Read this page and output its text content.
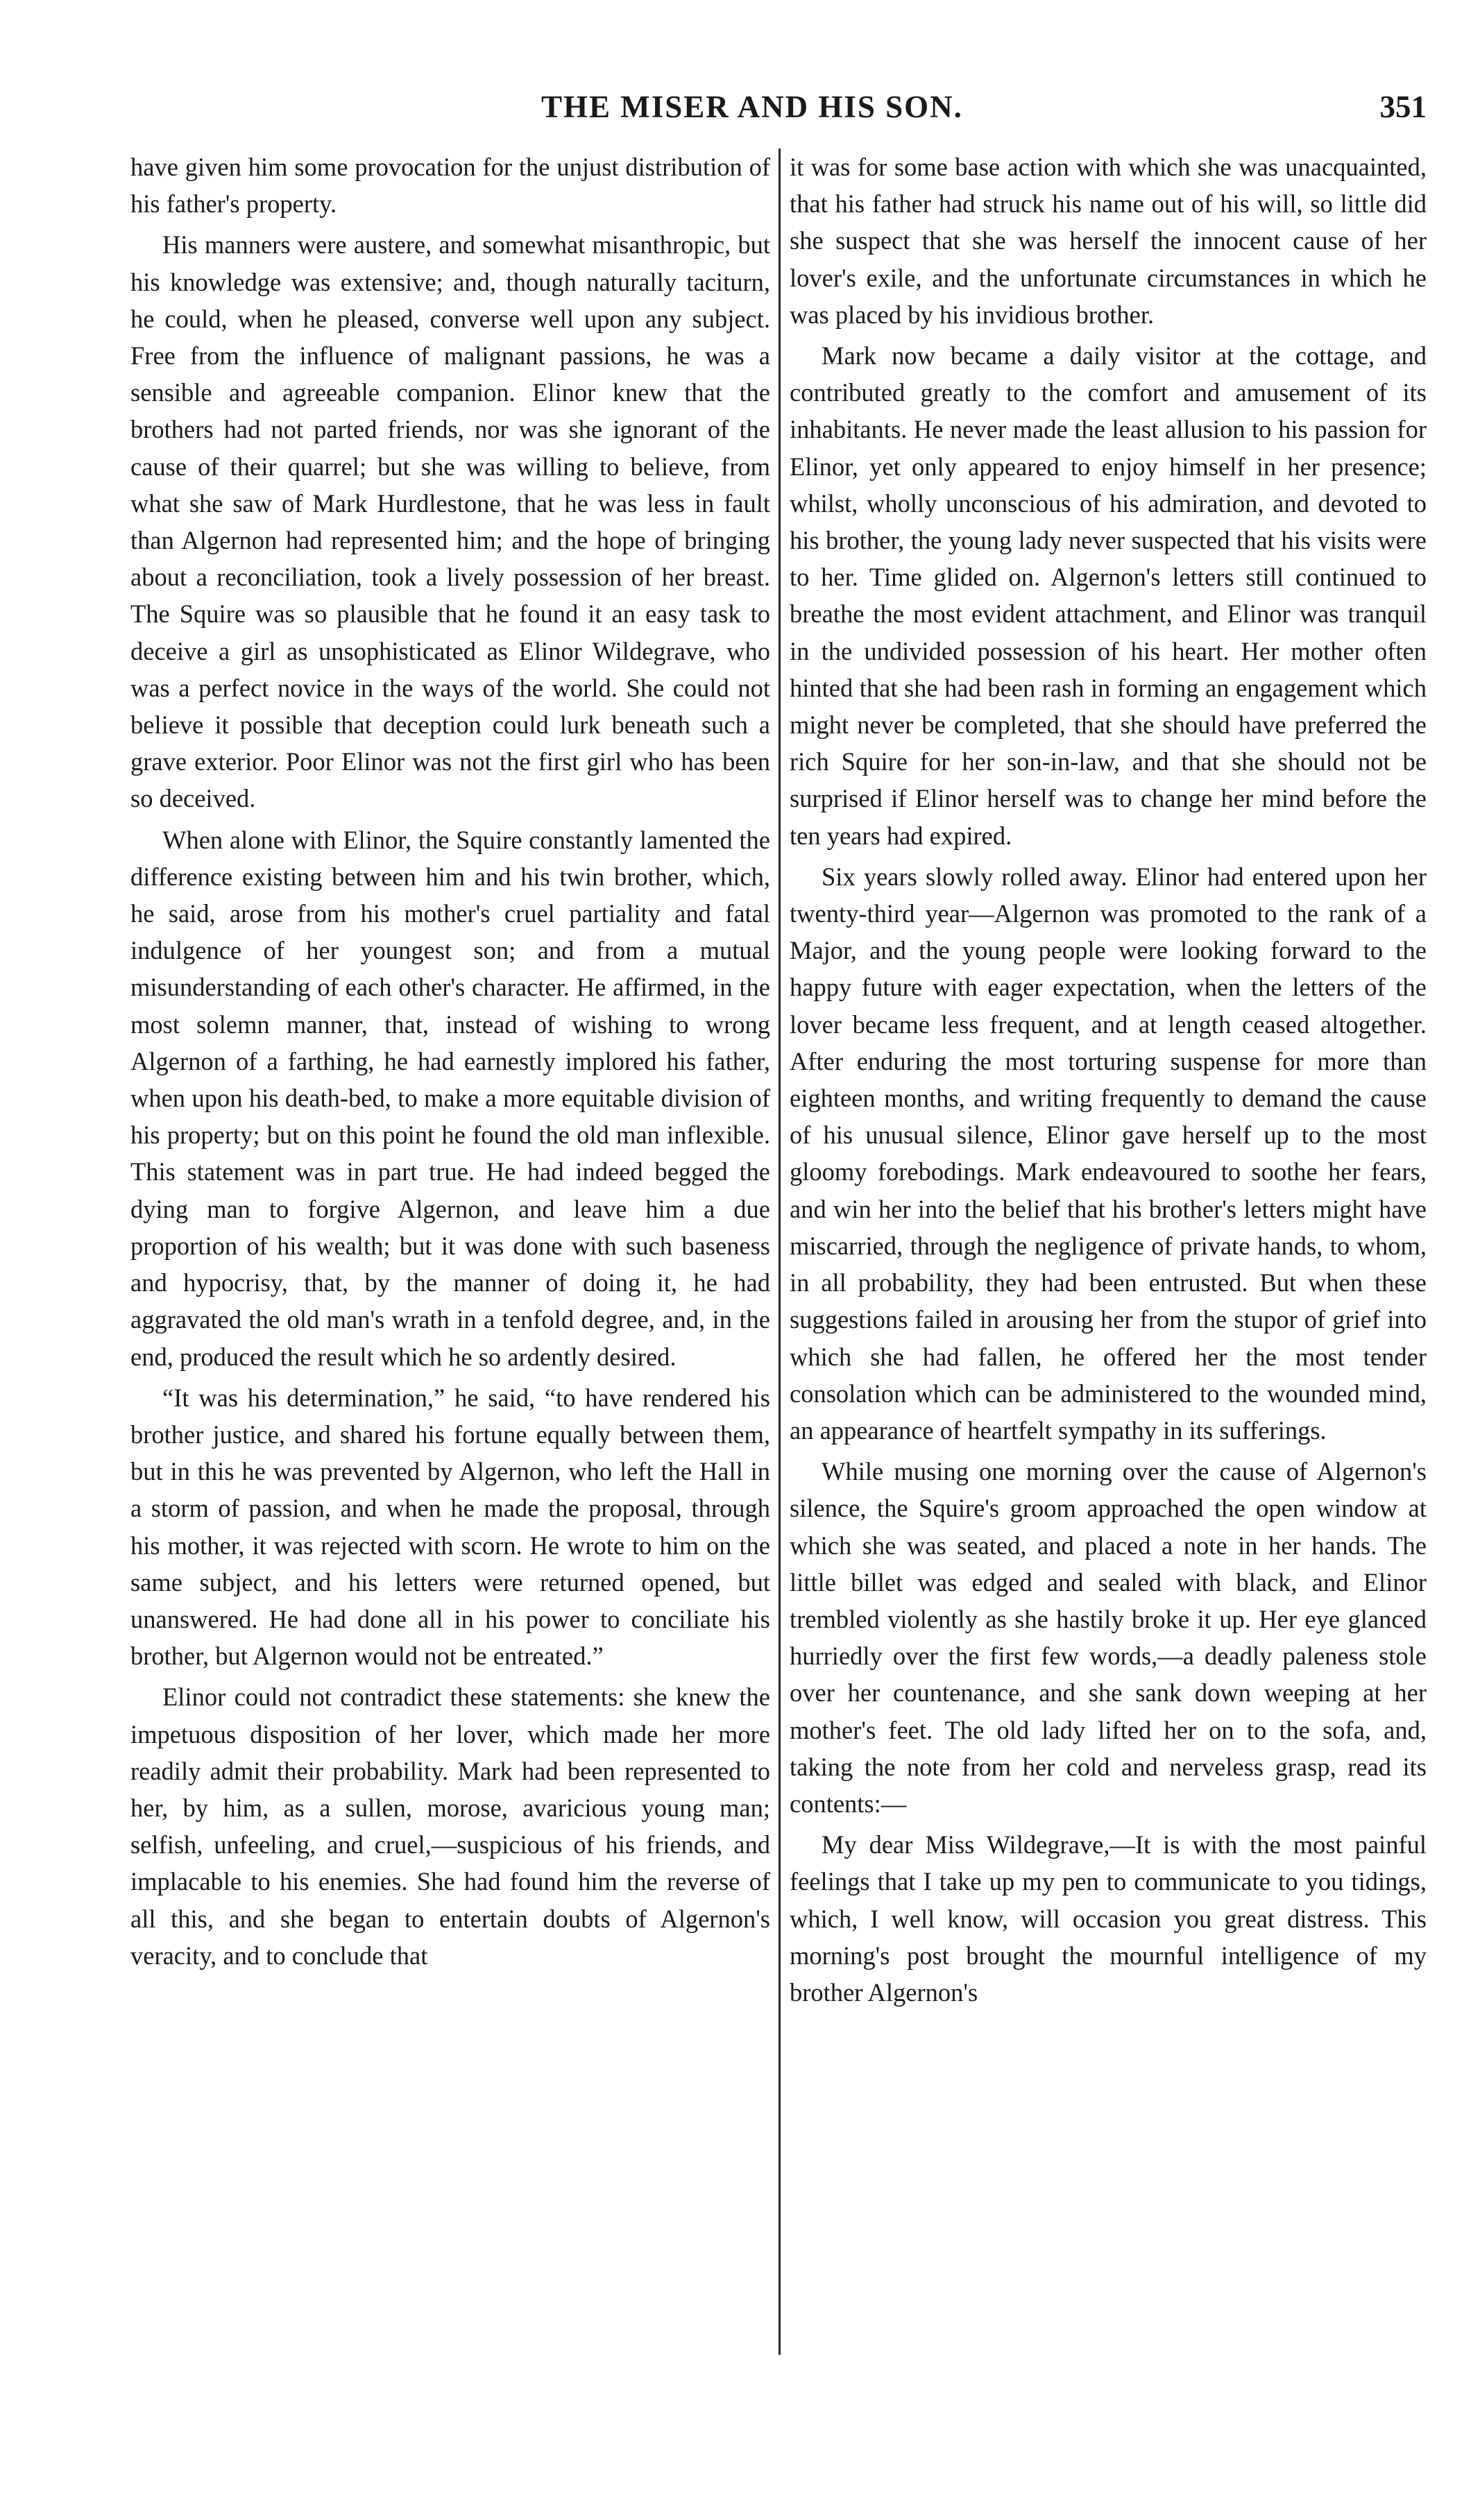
THE MISER AND HIS SON.	351

have given him some provocation for the unjust distribution of his father's property.

His manners were austere, and somewhat misanthropic, but his knowledge was extensive; and, though naturally taciturn, he could, when he pleased, converse well upon any subject. Free from the influence of malignant passions, he was a sensible and agreeable companion. Elinor knew that the brothers had not parted friends, nor was she ignorant of the cause of their quarrel; but she was willing to believe, from what she saw of Mark Hurdlestone, that he was less in fault than Algernon had represented him; and the hope of bringing about a reconciliation, took a lively possession of her breast. The Squire was so plausible that he found it an easy task to deceive a girl as unsophisticated as Elinor Wildegrave, who was a perfect novice in the ways of the world. She could not believe it possible that deception could lurk beneath such a grave exterior. Poor Elinor was not the first girl who has been so deceived.

When alone with Elinor, the Squire constantly lamented the difference existing between him and his twin brother, which, he said, arose from his mother's cruel partiality and fatal indulgence of her youngest son; and from a mutual misunderstanding of each other's character. He affirmed, in the most solemn manner, that, instead of wishing to wrong Algernon of a farthing, he had earnestly implored his father, when upon his death-bed, to make a more equitable division of his property; but on this point he found the old man inflexible. This statement was in part true. He had indeed begged the dying man to forgive Algernon, and leave him a due proportion of his wealth; but it was done with such baseness and hypocrisy, that, by the manner of doing it, he had aggravated the old man's wrath in a tenfold degree, and, in the end, produced the result which he so ardently desired.

“It was his determination,” he said, “to have rendered his brother justice, and shared his fortune equally between them, but in this he was prevented by Algernon, who left the Hall in a storm of passion, and when he made the proposal, through his mother, it was rejected with scorn. He wrote to him on the same subject, and his letters were returned opened, but unanswered. He had done all in his power to conciliate his brother, but Algernon would not be entreated.”

Elinor could not contradict these statements: she knew the impetuous disposition of her lover, which made her more readily admit their probability. Mark had been represented to her, by him, as a sullen, morose, avaricious young man; selfish, unfeeling, and cruel,—suspicious of his friends, and implacable to his enemies. She had found him the reverse of all this, and she began to entertain doubts of Algernon's veracity, and to conclude that

it was for some base action with which she was unacquainted, that his father had struck his name out of his will, so little did she suspect that she was herself the innocent cause of her lover's exile, and the unfortunate circumstances in which he was placed by his invidious brother.

Mark now became a daily visitor at the cottage, and contributed greatly to the comfort and amusement of its inhabitants. He never made the least allusion to his passion for Elinor, yet only appeared to enjoy himself in her presence; whilst, wholly unconscious of his admiration, and devoted to his brother, the young lady never suspected that his visits were to her. Time glided on. Algernon's letters still continued to breathe the most evident attachment, and Elinor was tranquil in the undivided possession of his heart. Her mother often hinted that she had been rash in forming an engagement which might never be completed, that she should have preferred the rich Squire for her son-in-law, and that she should not be surprised if Elinor herself was to change her mind before the ten years had expired.

Six years slowly rolled away. Elinor had entered upon her twenty-third year—Algernon was promoted to the rank of a Major, and the young people were looking forward to the happy future with eager expectation, when the letters of the lover became less frequent, and at length ceased altogether. After enduring the most torturing suspense for more than eighteen months, and writing frequently to demand the cause of his unusual silence, Elinor gave herself up to the most gloomy forebodings. Mark endeavoured to soothe her fears, and win her into the belief that his brother's letters might have miscarried, through the negligence of private hands, to whom, in all probability, they had been entrusted. But when these suggestions failed in arousing her from the stupor of grief into which she had fallen, he offered her the most tender consolation which can be administered to the wounded mind, an appearance of heartfelt sympathy in its sufferings.

While musing one morning over the cause of Algernon's silence, the Squire's groom approached the open window at which she was seated, and placed a note in her hands. The little billet was edged and sealed with black, and Elinor trembled violently as she hastily broke it up. Her eye glanced hurriedly over the first few words,—a deadly paleness stole over her countenance, and she sank down weeping at her mother's feet. The old lady lifted her on to the sofa, and, taking the note from her cold and nerveless grasp, read its contents:—

My dear Miss Wildegrave,—It is with the most painful feelings that I take up my pen to communicate to you tidings, which, I well know, will occasion you great distress. This morning's post brought the mournful intelligence of my brother Algernon's
